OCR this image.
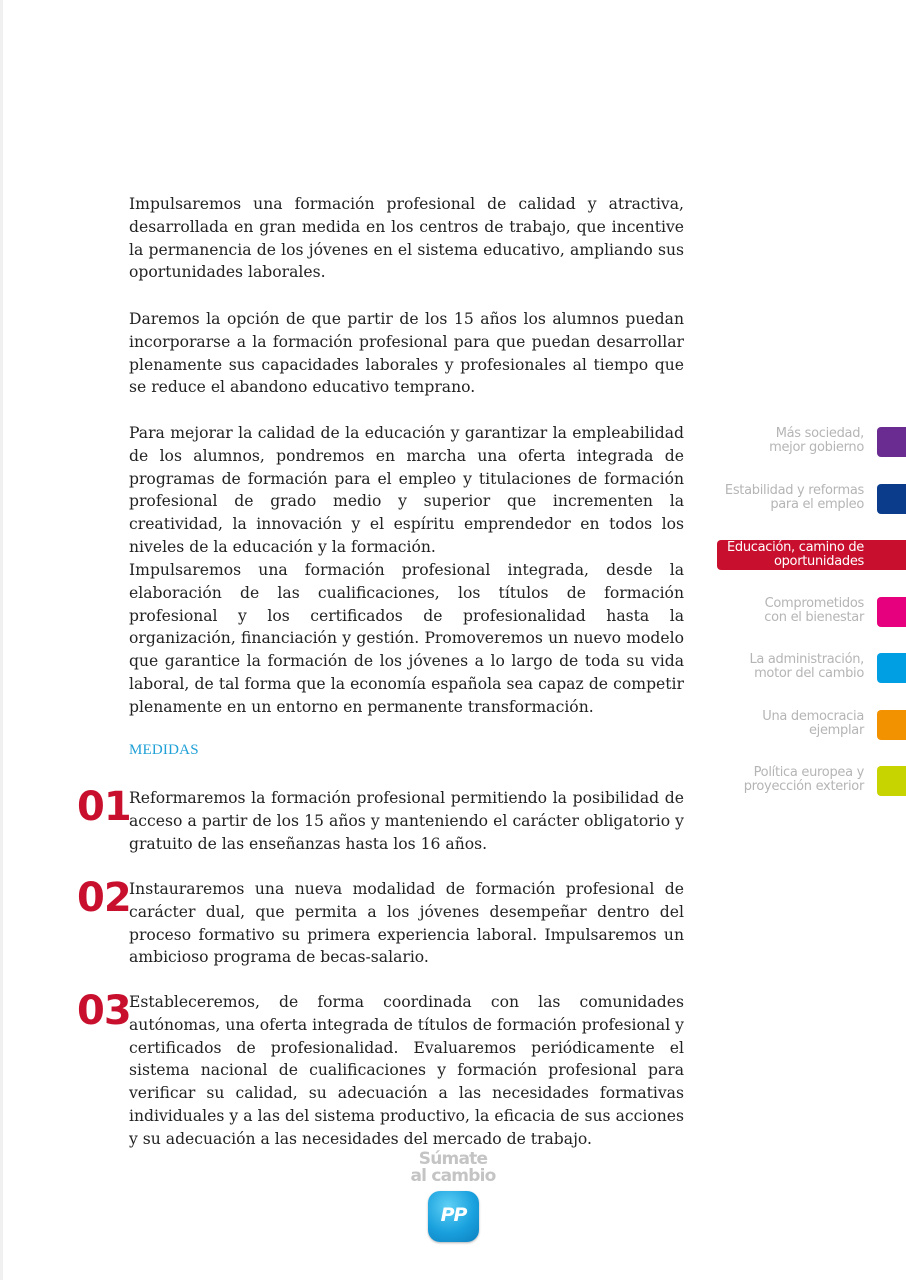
Impulsaremos una formación profesional de calidad y atractiva, desarrollada en gran medida en los centros de trabajo, que incentive la permanencia de los jóvenes en el sistema educativo, ampliando sus oportunidades laborales.

Daremos la opción de que partir de los 15 años los alumnos puedan incorporarse a la formación profesional para que puedan desarrollar plenamente sus capacidades laborales y profesionales al tiempo que se reduce el abandono educativo temprano.

Para mejorar la calidad de la educación y garantizar la empleabilidad de los alumnos, pondremos en marcha una oferta integrada de programas de formación para el empleo y titulaciones de formación profesional de grado medio y superior que incrementen la creatividad, la innovación y el espíritu emprendedor en todos los niveles de la educación y la formación.

Impulsaremos una formación profesional integrada, desde la elaboración de las cualificaciones, los títulos de formación profesional y los certificados de profesionalidad hasta la organización, financiación y gestión. Promoveremos un nuevo modelo que garantice la formación de los jóvenes a lo largo de toda su vida laboral, de tal forma que la economía española sea capaz de competir plenamente en un entorno en permanente transformación.

MEDIDAS

01

Reformaremos la formación profesional permitiendo la posibilidad de acceso a partir de los 15 años y manteniendo el carácter obligatorio y gratuito de las enseñanzas hasta los 16 años.

02

Instauraremos una nueva modalidad de formación profesional de carácter dual, que permita a los jóvenes desempeñar dentro del proceso formativo su primera experiencia laboral. Impulsaremos un ambicioso programa de becas-salario.

03

Estableceremos, de forma coordinada con las comunidades autónomas, una oferta integrada de títulos de formación profesional y certificados de profesionalidad. Evaluaremos periódicamente el sistema nacional de cualificaciones y formación profesional para verificar su calidad, su adecuación a las necesidades formativas individuales y a las del sistema productivo, la eficacia de sus acciones y su adecuación a las necesidades del mercado de trabajo.

Más sociedad,
mejor gobierno
Estabilidad y reformas
para el empleo
Educación, camino de
oportunidades
Comprometidos
con el bienestar
La administración,
motor del cambio
Una democracia
ejemplar
Política europea y
proyección exterior
Súmate
al cambio
PP
